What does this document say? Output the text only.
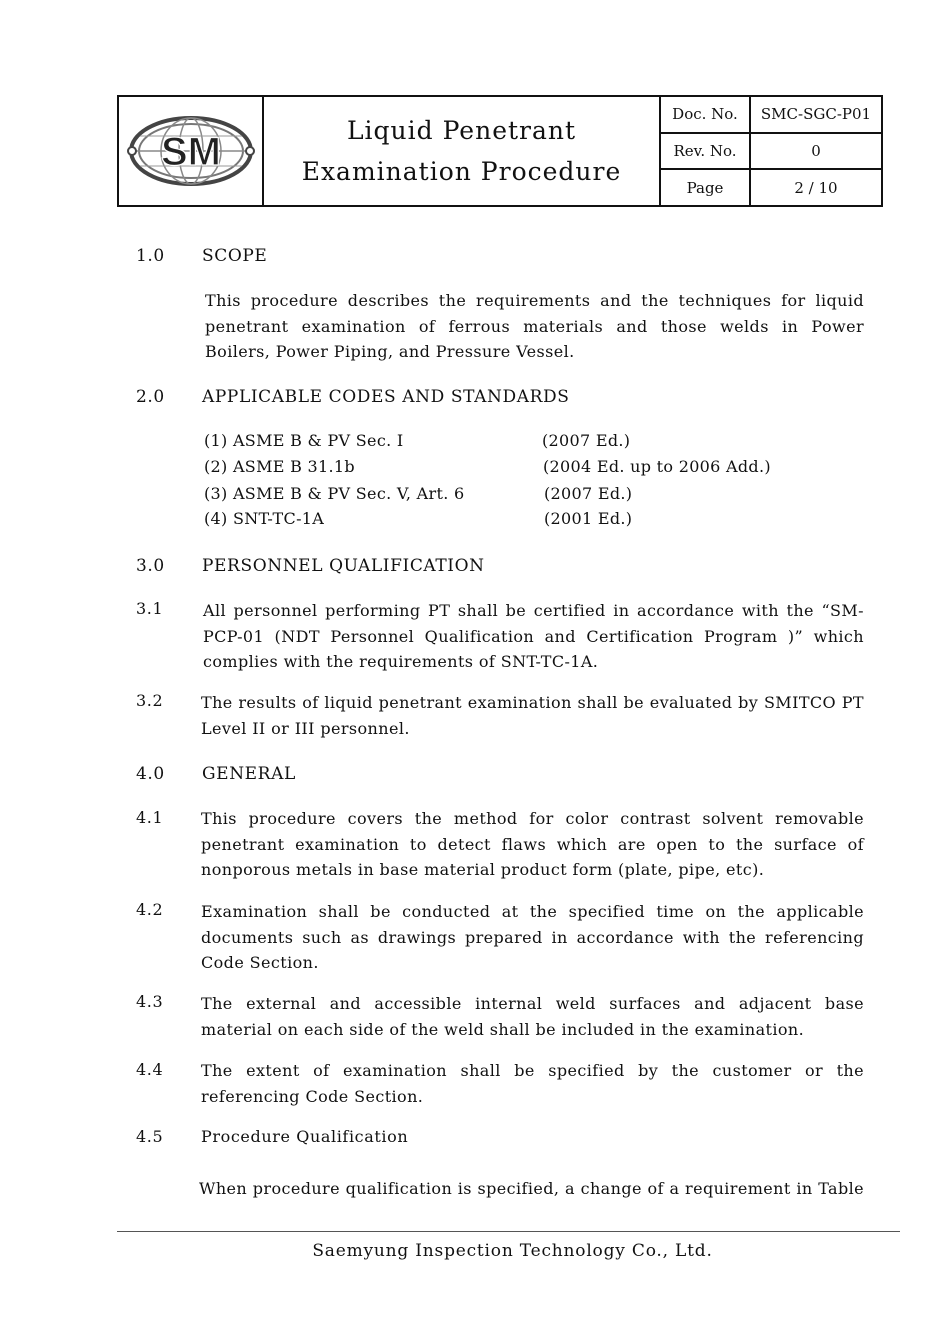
SM	Liquid Penetrant
Examination Procedure
Doc. No.	SMC-SGC-P01
Rev. No.	0
Page	2 / 10
1.0 SCOPE
This procedure describes the requirements and the techniques for liquid penetrant examination of ferrous materials and those welds in Power Boilers, Power Piping, and Pressure Vessel.
2.0 APPLICABLE CODES AND STANDARDS
(1) ASME B & PV Sec. I	(2007 Ed.)
(2) ASME B 31.1b	(2004 Ed. up to 2006 Add.)
(3) ASME B & PV Sec. V, Art. 6	(2007 Ed.)
(4) SNT-TC-1A	(2001 Ed.)
3.0 PERSONNEL QUALIFICATION
3.1 All personnel performing PT shall be certified in accordance with the “SM-PCP-01 (NDT Personnel Qualification and Certification Program )” which complies with the requirements of SNT-TC-1A.
3.2 The results of liquid penetrant examination shall be evaluated by SMITCO PT Level II or III personnel.
4.0 GENERAL
4.1 This procedure covers the method for color contrast solvent removable penetrant examination to detect flaws which are open to the surface of nonporous metals in base material product form (plate, pipe, etc).
4.2 Examination shall be conducted at the specified time on the applicable documents such as drawings prepared in accordance with the referencing Code Section.
4.3 The external and accessible internal weld surfaces and adjacent base material on each side of the weld shall be included in the examination.
4.4 The extent of examination shall be specified by the customer or the referencing Code Section.
4.5 Procedure Qualification
When procedure qualification is specified, a change of a requirement in Table
Saemyung Inspection Technology Co., Ltd.
